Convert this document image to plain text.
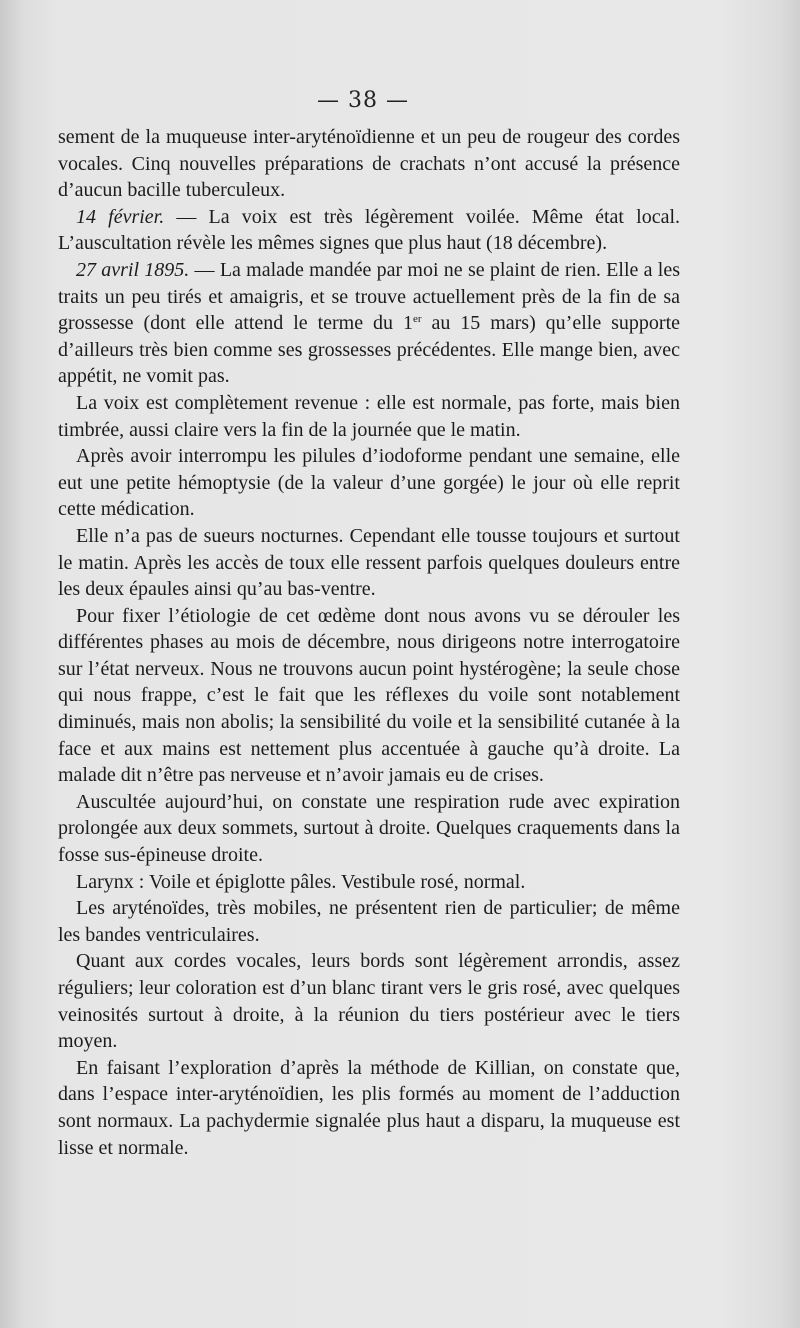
— 38 —

sement de la muqueuse inter-aryténoïdienne et un peu de rougeur des cordes vocales. Cinq nouvelles préparations de crachats n’ont accusé la présence d’aucun bacille tuberculeux.

14 février. — La voix est très légèrement voilée. Même état local. L’auscultation révèle les mêmes signes que plus haut (18 décembre).

27 avril 1895. — La malade mandée par moi ne se plaint de rien. Elle a les traits un peu tirés et amaigris, et se trouve actuellement près de la fin de sa grossesse (dont elle attend le terme du 1er au 15 mars) qu’elle supporte d’ailleurs très bien comme ses grossesses précédentes. Elle mange bien, avec appétit, ne vomit pas.

La voix est complètement revenue : elle est normale, pas forte, mais bien timbrée, aussi claire vers la fin de la journée que le matin.

Après avoir interrompu les pilules d’iodoforme pendant une semaine, elle eut une petite hémoptysie (de la valeur d’une gorgée) le jour où elle reprit cette médication.

Elle n’a pas de sueurs nocturnes. Cependant elle tousse toujours et surtout le matin. Après les accès de toux elle ressent parfois quelques douleurs entre les deux épaules ainsi qu’au bas-ventre.

Pour fixer l’étiologie de cet œdème dont nous avons vu se dérouler les différentes phases au mois de décembre, nous dirigeons notre interrogatoire sur l’état nerveux. Nous ne trouvons aucun point hystérogène; la seule chose qui nous frappe, c’est le fait que les réflexes du voile sont notablement diminués, mais non abolis; la sensibilité du voile et la sensibilité cutanée à la face et aux mains est nettement plus accentuée à gauche qu’à droite. La malade dit n’être pas nerveuse et n’avoir jamais eu de crises.

Auscultée aujourd’hui, on constate une respiration rude avec expiration prolongée aux deux sommets, surtout à droite. Quelques craquements dans la fosse sus-épineuse droite.

Larynx : Voile et épiglotte pâles. Vestibule rosé, normal.

Les aryténoïdes, très mobiles, ne présentent rien de particulier; de même les bandes ventriculaires.

Quant aux cordes vocales, leurs bords sont légèrement arrondis, assez réguliers; leur coloration est d’un blanc tirant vers le gris rosé, avec quelques veinosités surtout à droite, à la réunion du tiers postérieur avec le tiers moyen.

En faisant l’exploration d’après la méthode de Killian, on constate que, dans l’espace inter-aryténoïdien, les plis formés au moment de l’adduction sont normaux. La pachydermie signalée plus haut a disparu, la muqueuse est lisse et normale.
